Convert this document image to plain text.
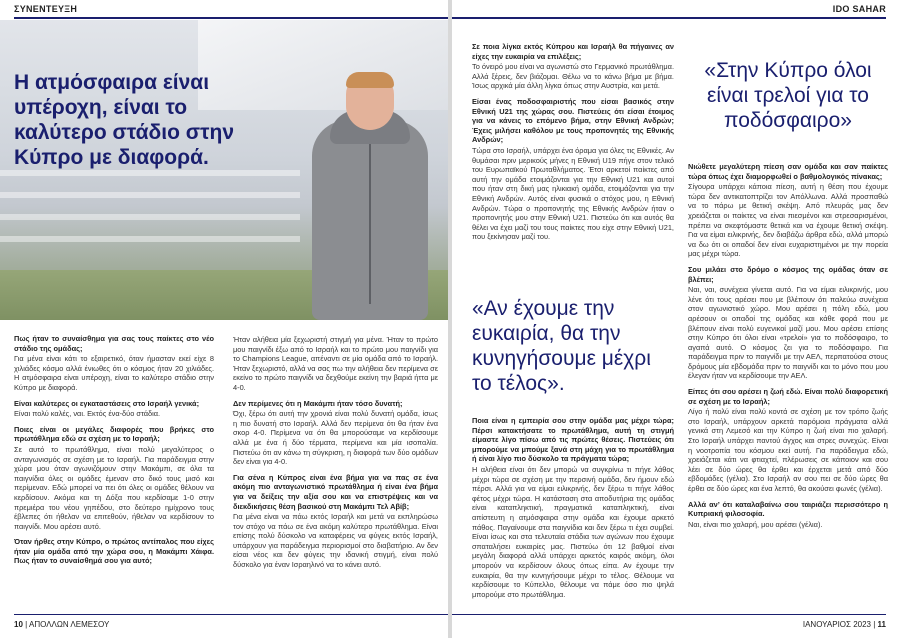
ΣΥΝΕΝΤΕΥΞΗ
Η ατμόσφαιρα είναι υπέροχη, είναι το καλύτερο στάδιο στην Κύπρο με διαφορά.
Πως ήταν το συναίσθημα για σας τους παίκτες στο νέο στάδιο της ομάδας;

Για μένα είναι κάτι το εξαιρετικό, όταν ήμασταν εκεί είχε 8 χιλιάδες κόσμο αλλά ένιωθες ότι ο κόσμος ήταν 20 χιλιάδες. Η ατμόσφαιρα είναι υπέροχη, είναι το καλύτερο στάδιο στην Κύπρο με διαφορά.

Είναι καλύτερες οι εγκαταστάσεις στο Ισραήλ γενικά;

Είναι πολύ καλές, ναι. Εκτός ένα-δύο στάδια.

Ποιες είναι οι μεγάλες διαφορές που βρήκες στο πρωτάθλημα εδώ σε σχέση με το Ισραήλ;

Σε αυτό το πρωτάθλημα, είναι πολύ μεγαλύτερος ο ανταγωνισμός σε σχέση με το Ισραήλ. Για παράδειγμα στην χώρα μου όταν αγωνιζόμουν στην Μακάμπι, σε όλα τα παιγνίδια όλες οι ομάδες έμεναν στο δικό τους μισό και περίμεναν. Εδώ μπορεί να πει ότι όλες οι ομάδες θέλουν να κερδίσουν. Ακόμα και τη Δόξα που κερδίσαμε 1-0 στην πρεμιέρα του νέου γηπέδου, στο δεύτερο ημίχρονο τους έβλεπες ότι ήθελαν να επιτεθούν, ήθελαν να κερδίσουν το παιγνίδι. Μου αρέσει αυτό.

Όταν ήρθες στην Κύπρο, ο πρώτος αντίπαλος που είχες ήταν μία ομάδα από την χώρα σου, η Μακάμπι Χάιφα. Πως ήταν το συναίσθημά σου για αυτό;

Ήταν αλήθεια μία ξεχωριστή στιγμή για μένα. Ήταν το πρώτο μου παιγνίδι έξω από το Ισραήλ και το πρώτο μου παιγνίδι για το Champions League, απέναντι σε μία ομάδα από το Ισραήλ. Ήταν ξεχωριστό, αλλά να σας πω την αλήθεια δεν περίμενα σε εκείνο το πρώτο παιγνίδι να δεχθούμε εκείνη την βαριά ήττα με 4-0.

Δεν περίμενες ότι η Μακάμπι ήταν τόσο δυνατή;

Όχι, ξέρω ότι αυτή την χρονιά είναι πολύ δυνατή ομάδα, ίσως η πιο δυνατή στο Ισραήλ. Αλλά δεν περίμενα ότι θα ήταν ένα σκορ 4-0. Περίμενα να ότι θα μπορούσαμε να κερδίσουμε αλλά με ένα ή δύο τέρματα, περίμενα και μία ισοπαλία. Πιστεύω ότι αν κάνω τη σύγκριση, η διαφορά των δύο ομάδων δεν είναι για 4-0.

Για σένα η Κύπρος είναι ένα βήμα για να πας σε ένα ακόμη πιο ανταγωνιστικό πρωτάθλημα ή είναι ένα βήμα για να δείξεις την αξία σου και να επιστρέψεις και να διεκδικήσεις θέση βασικού στη Μακάμπι Τελ Αβίβ;

Για μένα είναι να πάω εκτός Ισραήλ και μετά να εκπληρώσω τον στόχο να πάω σε ένα ακόμη καλύτερο πρωτάθλημα. Είναι επίσης πολύ δύσκολο να καταφέρεις να φύγεις εκτός Ισραήλ, υπάρχουν για παράδειγμα περιορισμοί στο διαβατήριο. Αν δεν είσαι νέος και δεν φύγεις την ιδανική στιγμή, είναι πολύ δύσκολο για έναν Ισραηλινό να το κάνει αυτό.

10 | ΑΠΟΛΛΩΝ ΛΕΜΕΣΟΥ
IDO SAHAR
Σε ποια λίγκα εκτός Κύπρου και Ισραήλ θα πήγαινες αν είχες την ευκαιρία να επιλέξεις;

Το όνειρό μου είναι να αγωνιστώ στο Γερμανικό πρωτάθλημα. Αλλά ξέρεις, δεν βιάζομαι. Θέλω να το κάνω βήμα με βήμα. Ίσως αρχικά μία άλλη λίγκα όπως στην Αυστρία, και μετά.

Είσαι ένας ποδοσφαιριστής που είσαι βασικός στην Εθνική U21 της χώρας σου. Πιστεύεις ότι είσαι έτοιμος για να κάνεις το επόμενο βήμα, στην Εθνική Ανδρών; Έχεις μιλήσει καθόλου με τους προπονητές της Εθνικής Ανδρών;

Τώρα στο Ισραήλ, υπάρχει ένα όραμα για όλες τις Εθνικές. Αν θυμάσαι πριν μερικούς μήνες η Εθνική U19 πήγε στον τελικό του Ευρωπαϊκού Πρωταθλήματος. Έτσι αρκετοί παίκτες από αυτή την ομάδα ετοιμάζονται για την Εθνική U21 και αυτοί που ήταν στη δική μας ηλικιακή ομάδα, ετοιμάζονται για την Εθνική Ανδρών. Αυτός είναι φυσικά ο στόχος μου, η Εθνική Ανδρών. Τώρα ο προπονητής της Εθνικής Ανδρών ήταν ο προπονητής μου στην Εθνική U21. Πιστεύω ότι και αυτός θα θέλει να έχει μαζί του τους παίκτες που είχε στην Εθνική U21, που ξεκίνησαν μαζί του.

«Αν έχουμε την ευκαιρία, θα την κυνηγήσουμε μέχρι το τέλος».
Ποια είναι η εμπειρία σου στην ομάδα μας μέχρι τώρα; Πέρσι κατακτήσατε το πρωτάθλημα, αυτή τη στιγμή είμαστε λίγο πίσω από τις πρώτες θέσεις. Πιστεύεις ότι μπορούμε να μπούμε ξανά στη μάχη για το πρωτάθλημα ή είναι λίγο πιο δύσκολο τα πράγματα τώρα;

Η αλήθεια είναι ότι δεν μπορώ να συγκρίνω τι πήγε λάθος μέχρι τώρα σε σχέση με την περσινή ομάδα, δεν ήμουν εδώ πέρσι. Αλλά για να είμαι ειλικρινής, δεν ξέρω τι πήγε λάθος φέτος μέχρι τώρα. Η κατάσταση στα αποδυτήρια της ομάδας είναι καταπληκτική, πραγματικά καταπληκτική, είναι απίστευτη η ατμόσφαιρα στην ομάδα και έχουμε αρκετό πάθος. Παγαίνουμε στα παιγνίδια και δεν ξέρω τι έχει συμβεί. Είναι ίσως και στα τελευταία στάδια των αγώνων που έχουμε σπαταλήσει ευκαιρίες μας. Πιστεύω ότι 12 βαθμοί είναι μεγάλη διαφορά αλλά υπάρχει αρκετός καιρός ακόμη, όλοι μπορούν να κερδίσουν όλους όπως είπα. Αν έχουμε την ευκαιρία, θα την κυνηγήσουμε μέχρι το τέλος. Θέλουμε να κερδίσουμε το Κύπελλο, θέλουμε να πάμε όσο πιο ψηλά μπορούμε στο πρωτάθλημα.

«Στην Κύπρο όλοι είναι τρελοί για το ποδόσφαιρο»
Νιώθετε μεγαλύτερη πίεση σαν ομάδα και σαν παίκτες τώρα όπως έχει διαμορφωθεί ο βαθμολογικός πίνακας;

Σίγουρα υπάρχει κάποια πίεση, αυτή η θέση που έχουμε τώρα δεν αντικατοπτρίζει τον Απόλλωνα. Αλλά προσπαθώ να το πάρω με θετική σκέψη. Από πλευράς μας δεν χρειάζεται οι παίκτες να είναι πιεσμένοι και στρεσαρισμένοι, πρέπει να σκεφτόμαστε θετικά και να έχουμε θετική σκέψη. Για να είμαι ειλικρινής, δεν διαβάζω άρθρα εδώ, αλλά μπορώ να δω ότι οι οπαδοί δεν είναι ευχαριστημένοι με την πορεία μας μέχρι τώρα.

Σου μιλάει στο δρόμο ο κόσμος της ομάδας όταν σε βλέπει;

Ναι, ναι, συνέχεια γίνεται αυτό. Για να είμαι ειλικρινής, μου λένε ότι τους αρέσει που με βλέπουν ότι παλεύω συνέχεια στον αγωνιστικό χώρο. Μου αρέσει η πόλη εδώ, μου αρέσουν οι οπαδοί της ομάδας και κάθε φορά που με βλέπουν είναι πολύ ευγενικοί μαζί μου. Μου αρέσει επίσης στην Κύπρο ότι όλοι είναι «τρελοί» για το ποδόσφαιρο, το αγαπά αυτό. Ο κόσμος ζει για το ποδόσφαιρο. Για παράδειγμα πριν το παιγνίδι με την ΑΕΛ, περπατούσα στους δρόμους μία εβδομάδα πριν το παιγνίδι και το μόνο που μου έλεγαν ήταν να κερδίσουμε την ΑΕΛ.

Είπες ότι σου αρέσει η ζωή εδώ. Είναι πολύ διαφορετική σε σχέση με το Ισραήλ;

Λίγο ή πολύ είναι πολύ κοντά σε σχέση με τον τρόπο ζωής στο Ισραήλ, υπάρχουν αρκετά παρόμοια πράγματα αλλά γενικά στη Λεμεσό και την Κύπρο η ζωή είναι πιο χαλαρή. Στο Ισραήλ υπάρχει παντού άγχος και στρες συνεχώς. Είναι η νοοτροπία του κόσμου εκεί αυτή. Για παράδειγμα εδώ, χρειάζεται κάτι να φτιαχτεί, πλέρωσεις σε κάποιον και σου λέει σε δύο ώρες θα έρθει και έρχεται μετά από δύο εβδομάδες (γέλια). Στο Ισραήλ αν σου πει σε δύο ώρες θα έρθει σε δύο ώρες και ένα λεπτό, θα ακούσει φωνές (γέλια).

Αλλά αν’ ότι καταλαβαίνω σου ταιριάζει περισσότερο η Κυπριακή φιλοσοφία.

Ναι, είναι πιο χαλαρή, μου αρέσει (γέλια).

ΙΑΝΟΥΑΡΙΟΣ 2023 | 11
